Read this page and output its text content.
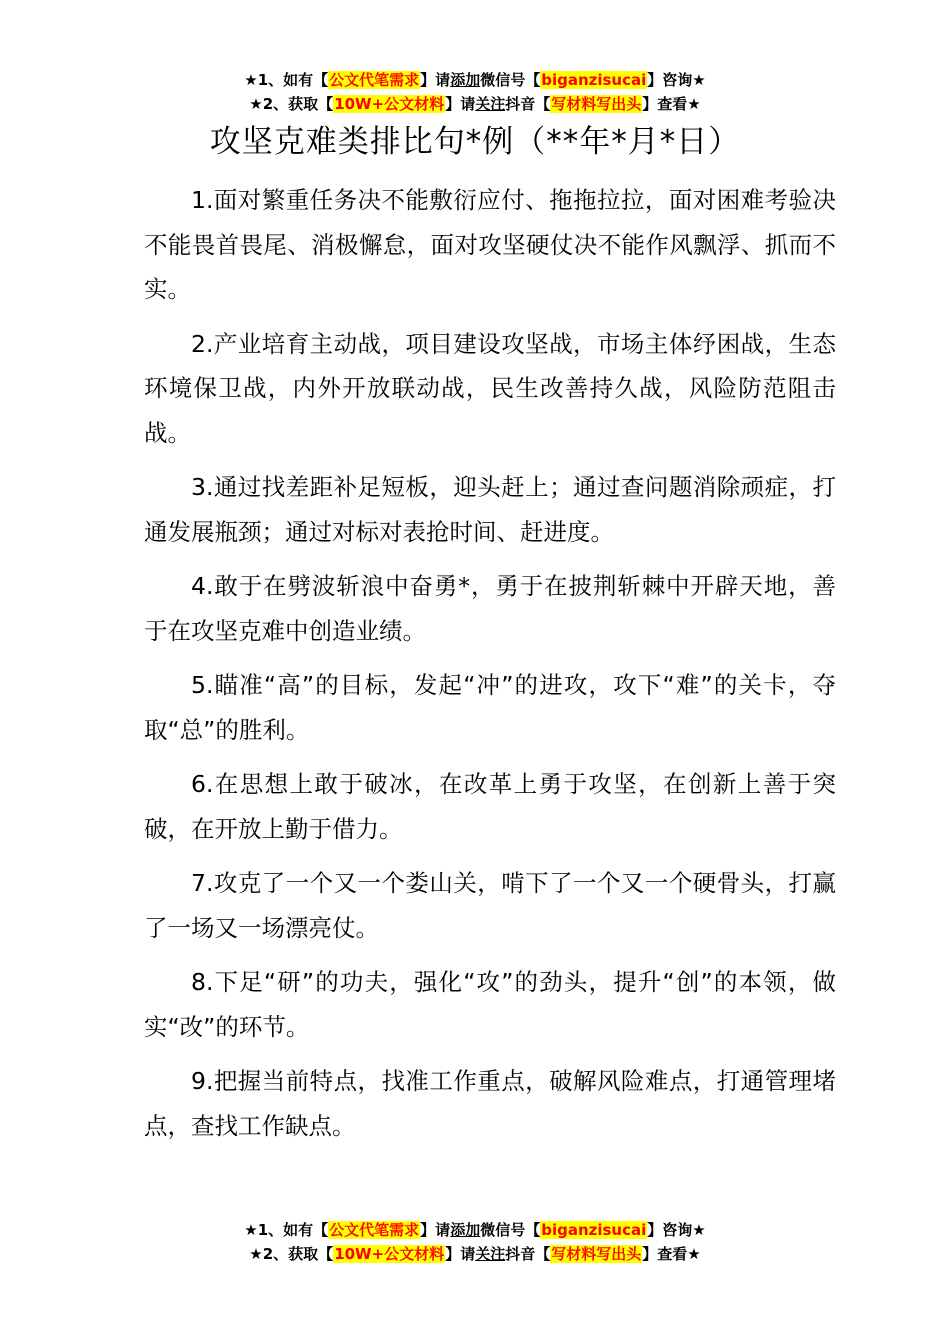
★1、如有【公文代笔需求】请添加微信号【biganzisucai】咨询★
★2、获取【10W+公文材料】请关注抖音【写材料写出头】查看★
攻坚克难类排比句*例（**年*月*日）

1.面对繁重任务决不能敷衍应付、拖拖拉拉，面对困难考验决不能畏首畏尾、消极懈怠，面对攻坚硬仗决不能作风飘浮、抓而不实。

2.产业培育主动战，项目建设攻坚战，市场主体纾困战，生态环境保卫战，内外开放联动战，民生改善持久战，风险防范阻击战。

3.通过找差距补足短板，迎头赶上；通过查问题消除顽症，打通发展瓶颈；通过对标对表抢时间、赶进度。

4.敢于在劈波斩浪中奋勇*，勇于在披荆斩棘中开辟天地，善于在攻坚克难中创造业绩。

5.瞄准“高”的目标，发起“冲”的进攻，攻下“难”的关卡，夺取“总”的胜利。

6.在思想上敢于破冰，在改革上勇于攻坚，在创新上善于突破，在开放上勤于借力。

7.攻克了一个又一个娄山关，啃下了一个又一个硬骨头，打赢了一场又一场漂亮仗。

8.下足“研”的功夫，强化“攻”的劲头，提升“创”的本领，做实“改”的环节。

9.把握当前特点，找准工作重点，破解风险难点，打通管理堵点，查找工作缺点。

★1、如有【公文代笔需求】请添加微信号【biganzisucai】咨询★
★2、获取【10W+公文材料】请关注抖音【写材料写出头】查看★
